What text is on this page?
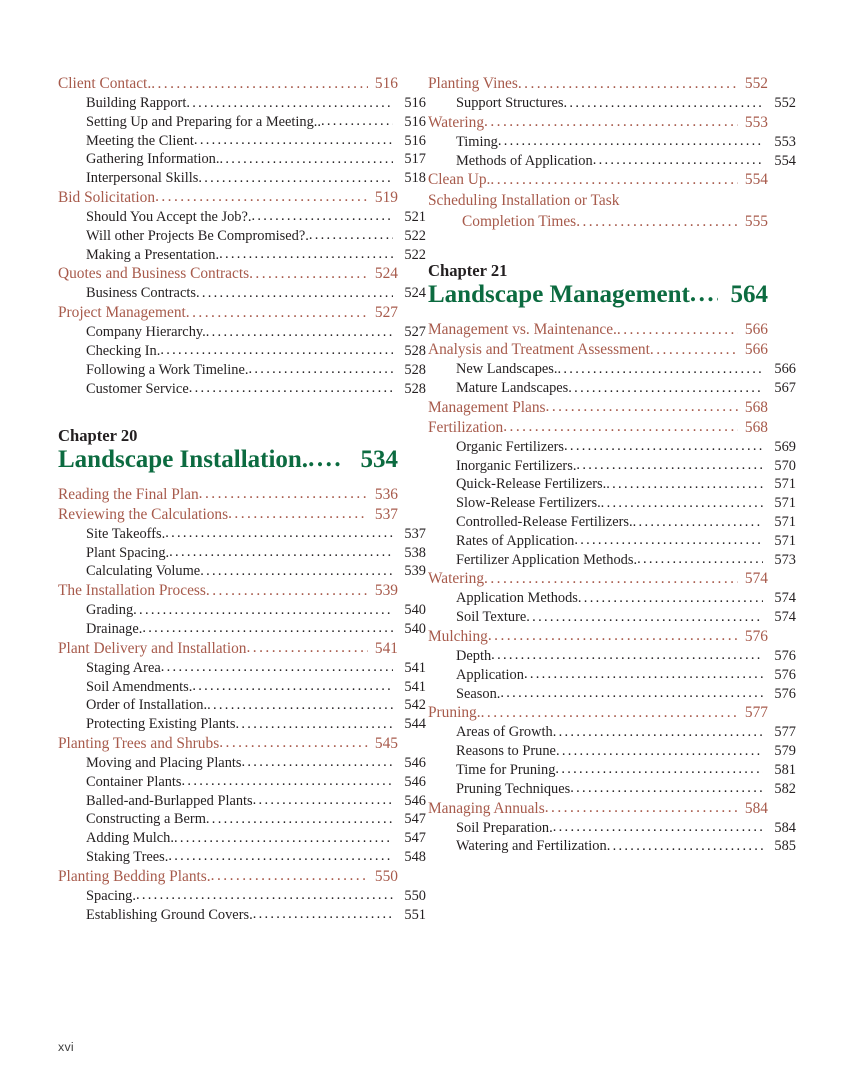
Client Contact. .....	516
Building Rapport .....	516
Setting Up and Preparing for a Meeting.. .....	516
Meeting the Client .....	516
Gathering Information. .....	517
Interpersonal Skills .....	518
Bid Solicitation .....	519
Should You Accept the Job?. .....	521
Will other Projects Be Compromised?. .....	522
Making a Presentation. .....	522
Quotes and Business Contracts .....	524
Business Contracts .....	524
Project Management .....	527
Company Hierarchy. .....	527
Checking In. .....	528
Following a Work Timeline. .....	528
Customer Service .....	528
Chapter 20
Landscape Installation. .....	534
Reading the Final Plan .....	536
Reviewing the Calculations .....	537
Site Takeoffs. .....	537
Plant Spacing. .....	538
Calculating Volume .....	539
The Installation Process .....	539
Grading .....	540
Drainage. .....	540
Plant Delivery and Installation .....	541
Staging Area .....	541
Soil Amendments. .....	541
Order of Installation. .....	542
Protecting Existing Plants .....	544
Planting Trees and Shrubs .....	545
Moving and Placing Plants .....	546
Container Plants .....	546
Balled-and-Burlapped Plants .....	546
Constructing a Berm .....	547
Adding Mulch. .....	547
Staking Trees. .....	548
Planting Bedding Plants. .....	550
Spacing. .....	550
Establishing Ground Covers. .....	551
Planting Vines .....	552
Support Structures .....	552
Watering .....	553
Timing .....	553
Methods of Application .....	554
Clean Up. .....	554
Scheduling Installation or Task
Completion Times .....	555
Chapter 21
Landscape Management .....	564
Management vs. Maintenance. .....	566
Analysis and Treatment Assessment .....	566
New Landscapes. .....	566
Mature Landscapes .....	567
Management Plans .....	568
Fertilization .....	568
Organic Fertilizers .....	569
Inorganic Fertilizers. .....	570
Quick-Release Fertilizers. .....	571
Slow-Release Fertilizers. .....	571
Controlled-Release Fertilizers. .....	571
Rates of Application .....	571
Fertilizer Application Methods. .....	573
Watering .....	574
Application Methods .....	574
Soil Texture .....	574
Mulching .....	576
Depth .....	576
Application .....	576
Season. .....	576
Pruning. .....	577
Areas of Growth .....	577
Reasons to Prune .....	579
Time for Pruning .....	581
Pruning Techniques .....	582
Managing Annuals .....	584
Soil Preparation. .....	584
Watering and Fertilization .....	585
xvi
